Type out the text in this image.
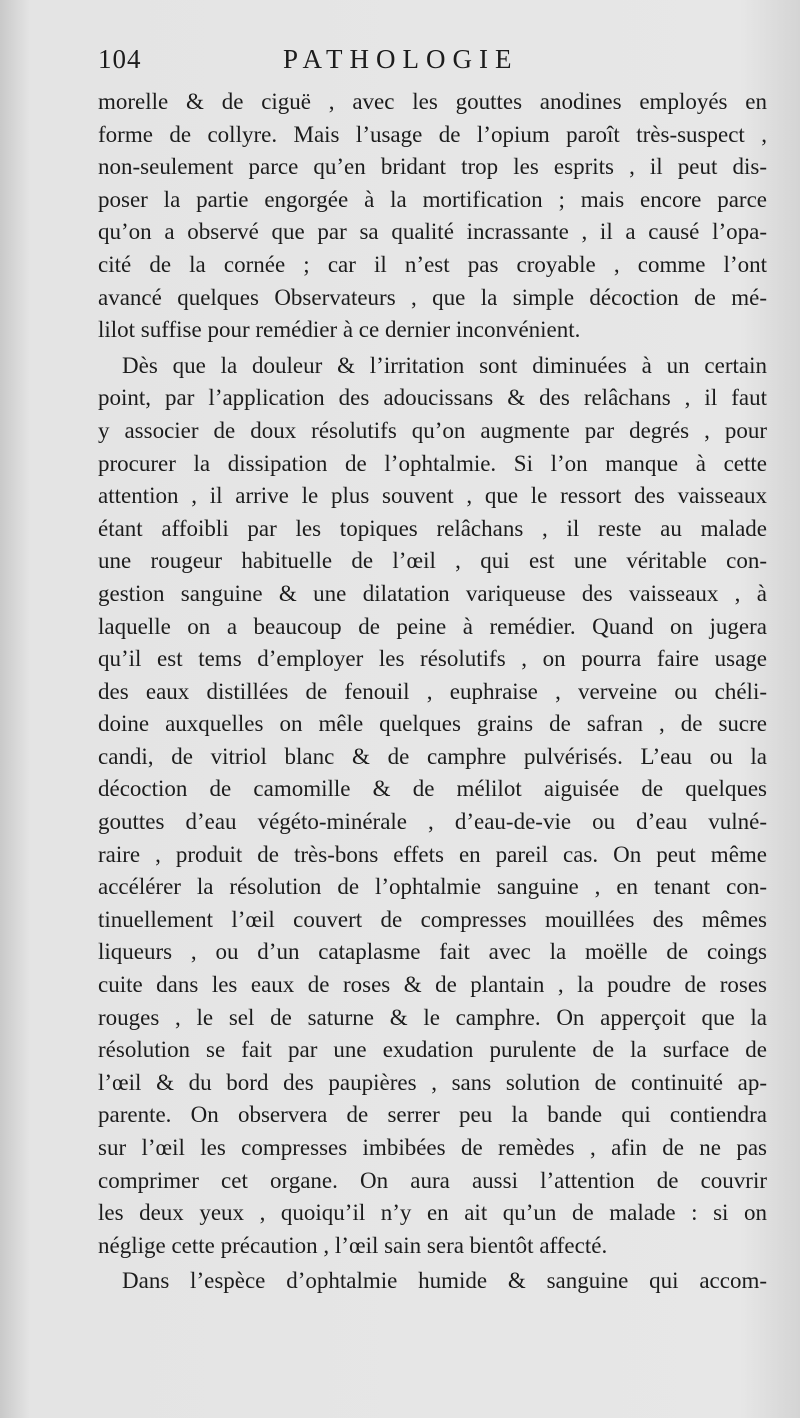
104	PATHOLOGIE
morelle & de ciguë , avec les gouttes anodines employés en
forme de collyre. Mais l’usage de l’opium paroît très-suspect ,
non-seulement parce qu’en bridant trop les esprits , il peut dis-
poser la partie engorgée à la mortification ; mais encore parce
qu’on a observé que par sa qualité incrassante , il a causé l’opa-
cité de la cornée ; car il n’est pas croyable , comme l’ont
avancé quelques Observateurs , que la simple décoction de mé-
lilot suffise pour remédier à ce dernier inconvénient.
Dès que la douleur & l’irritation sont diminuées à un certain
point, par l’application des adoucissans & des relâchans , il faut
y associer de doux résolutifs qu’on augmente par degrés , pour
procurer la dissipation de l’ophtalmie. Si l’on manque à cette
attention , il arrive le plus souvent , que le ressort des vaisseaux
étant affoibli par les topiques relâchans , il reste au malade
une rougeur habituelle de l’œil , qui est une véritable con-
gestion sanguine & une dilatation variqueuse des vaisseaux , à
laquelle on a beaucoup de peine à remédier. Quand on jugera
qu’il est tems d’employer les résolutifs , on pourra faire usage
des eaux distillées de fenouil , euphraise , verveine ou chéli-
doine auxquelles on mêle quelques grains de safran , de sucre
candi, de vitriol blanc & de camphre pulvérisés. L’eau ou la
décoction de camomille & de mélilot aiguisée de quelques
gouttes d’eau végéto-minérale , d’eau-de-vie ou d’eau vulné-
raire , produit de très-bons effets en pareil cas. On peut même
accélérer la résolution de l’ophtalmie sanguine , en tenant con-
tinuellement l’œil couvert de compresses mouillées des mêmes
liqueurs , ou d’un cataplasme fait avec la moëlle de coings
cuite dans les eaux de roses & de plantain , la poudre de roses
rouges , le sel de saturne & le camphre. On apperçoit que la
résolution se fait par une exudation purulente de la surface de
l’œil & du bord des paupières , sans solution de continuité ap-
parente. On observera de serrer peu la bande qui contiendra
sur l’œil les compresses imbibées de remèdes , afin de ne pas
comprimer cet organe. On aura aussi l’attention de couvrir
les deux yeux , quoiqu’il n’y en ait qu’un de malade : si on
néglige cette précaution , l’œil sain sera bientôt affecté.
Dans l’espèce d’ophtalmie humide & sanguine qui accom-
